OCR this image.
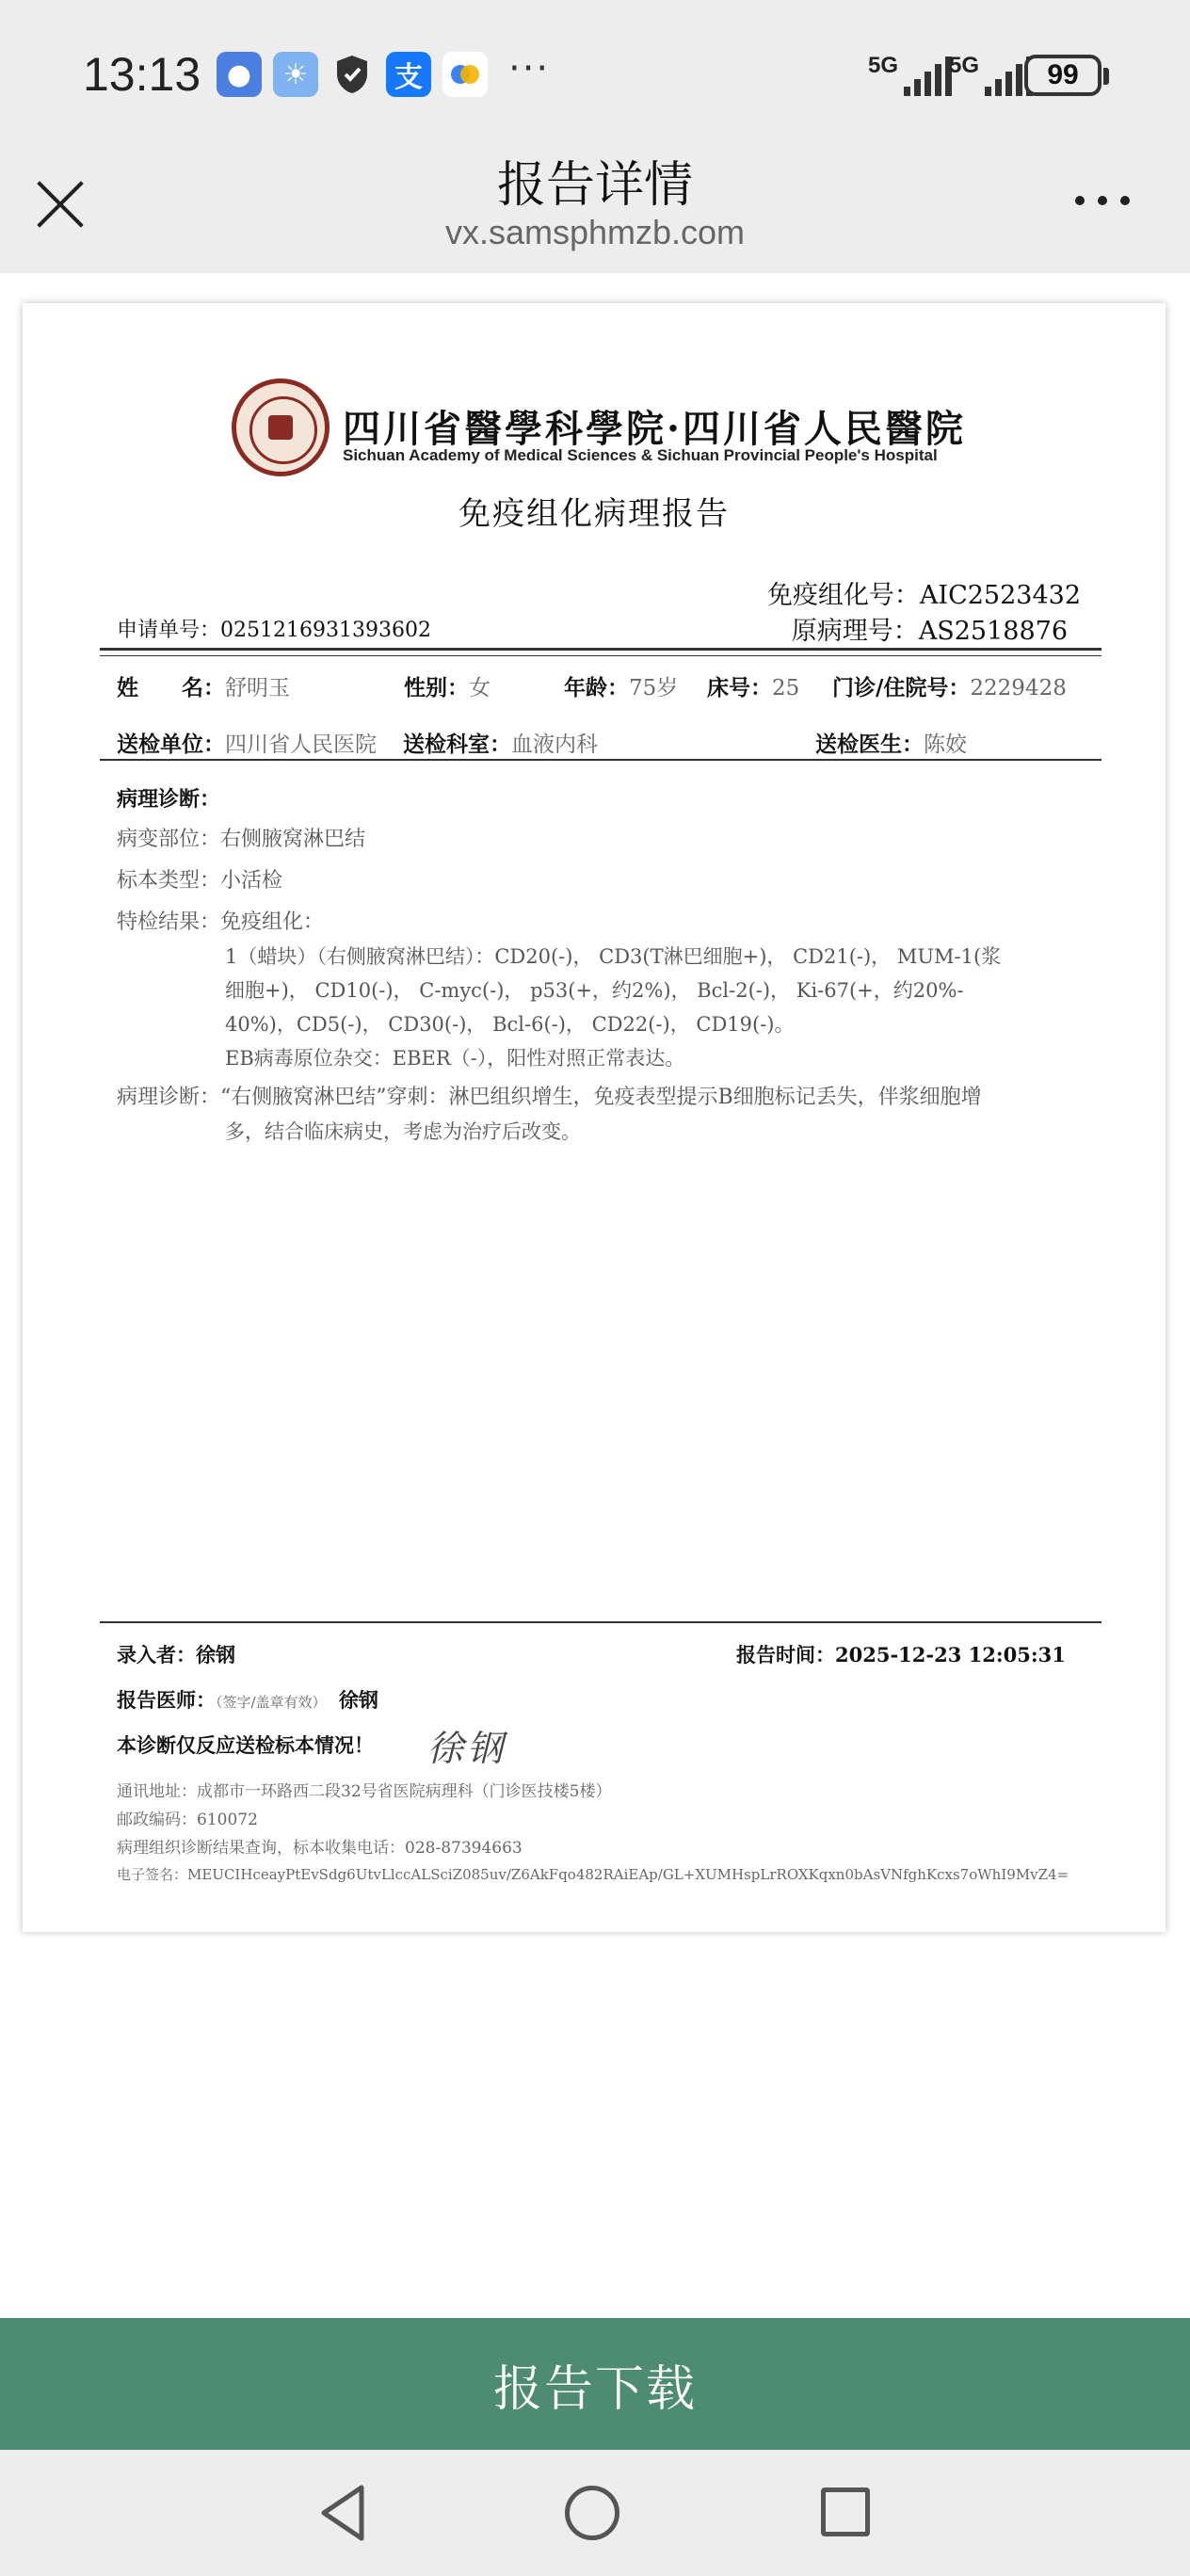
13:13 ●	☀	支 ···	5G 5G	99
报告详情
vx.samsphmzb.com
四川省醫學科學院·四川省人民醫院
Sichuan Academy of Medical Sciences & Sichuan Provincial People's Hospital
免疫组化病理报告
免疫组化号：AIC2523432
原病理号：AS2518876
申请单号：0251216931393602
姓　　名：舒明玉	性别：女	年龄：75岁 床号：25 门诊/住院号：2229428
送检单位：四川省人民医院 送检科室：血液内科	送检医生：陈姣
病理诊断：
病变部位：右侧腋窝淋巴结
标本类型：小活检
特检结果：免疫组化：
1（蜡块）（右侧腋窝淋巴结）：CD20(-)， CD3(T淋巴细胞+)， CD21(-)， MUM-1(浆
细胞+)， CD10(-)， C-myc(-)， p53(+，约2%)， Bcl-2(-)， Ki-67(+，约20%-
40%)，CD5(-)， CD30(-)， Bcl-6(-)， CD22(-)， CD19(-)。
EB病毒原位杂交：EBER（-），阳性对照正常表达。
病理诊断：“右侧腋窝淋巴结”穿刺：淋巴组织增生，免疫表型提示B细胞标记丢失，伴浆细胞增
多，结合临床病史，考虑为治疗后改变。
录入者：徐钢	报告时间：2025-12-23 12:05:31
报告医师：（签字/盖章有效） 徐钢
徐钢
本诊断仅反应送检标本情况！
通讯地址：成都市一环路西二段32号省医院病理科（门诊医技楼5楼）
邮政编码：610072
病理组织诊断结果查询，标本收集电话：028-87394663
电子签名：MEUCIHceayPtEvSdg6UtvLlccALSciZ085uv/Z6AkFqo482RAiEAp/GL+XUMHspLrROXKqxn0bAsVNfghKcxs7oWhI9MvZ4=
报告下载
